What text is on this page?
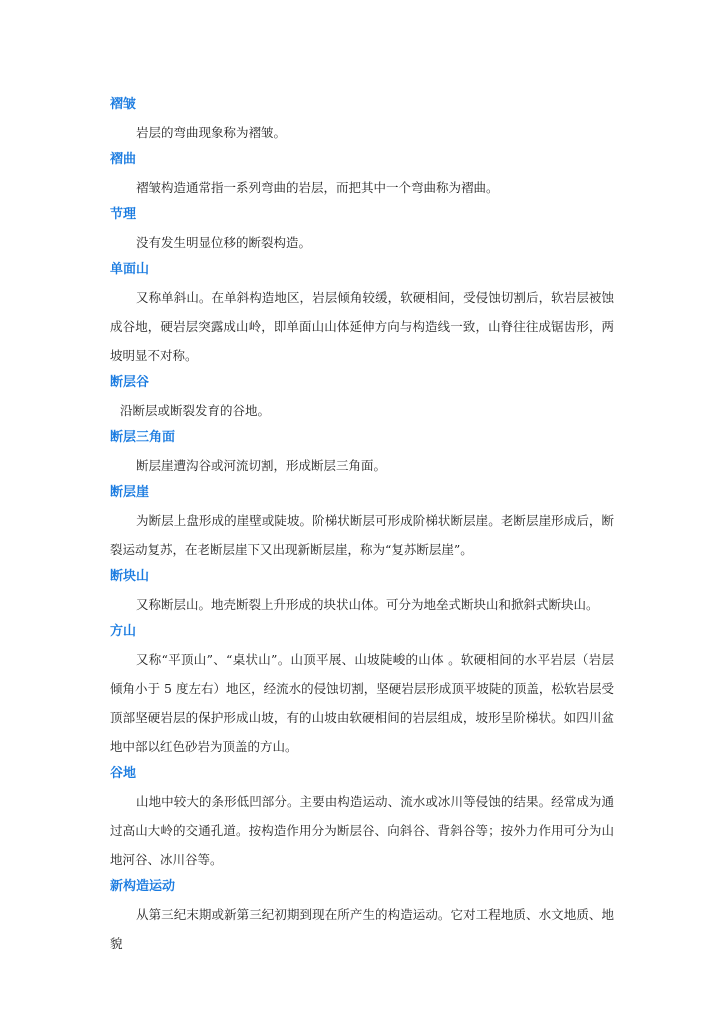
褶皱

岩层的弯曲现象称为褶皱。

褶曲

褶皱构造通常指一系列弯曲的岩层，而把其中一个弯曲称为褶曲。

节理

没有发生明显位移的断裂构造。

单面山

又称单斜山。在单斜构造地区，岩层倾角较缓，软硬相间，受侵蚀切割后，软岩层被蚀成谷地，硬岩层突露成山岭，即单面山山体延伸方向与构造线一致，山脊往往成锯齿形，两坡明显不对称。

断层谷

沿断层或断裂发育的谷地。

断层三角面

断层崖遭沟谷或河流切割，形成断层三角面。

断层崖

为断层上盘形成的崖壁或陡坡。阶梯状断层可形成阶梯状断层崖。老断层崖形成后，断裂运动复苏，在老断层崖下又出现新断层崖，称为“复苏断层崖”。

断块山

又称断层山。地壳断裂上升形成的块状山体。可分为地垒式断块山和掀斜式断块山。

方山

又称“平顶山”、“桌状山”。山顶平展、山坡陡峻的山体 。软硬相间的水平岩层（岩层倾角小于 5 度左右）地区，经流水的侵蚀切割，坚硬岩层形成顶平坡陡的顶盖，松软岩层受顶部坚硬岩层的保护形成山坡，有的山坡由软硬相间的岩层组成，坡形呈阶梯状。如四川盆地中部以红色砂岩为顶盖的方山。

谷地

山地中较大的条形低凹部分。主要由构造运动、流水或冰川等侵蚀的结果。经常成为通过高山大岭的交通孔道。按构造作用分为断层谷、向斜谷、背斜谷等；按外力作用可分为山地河谷、冰川谷等。

新构造运动

从第三纪末期或新第三纪初期到现在所产生的构造运动。它对工程地质、水文地质、地貌
